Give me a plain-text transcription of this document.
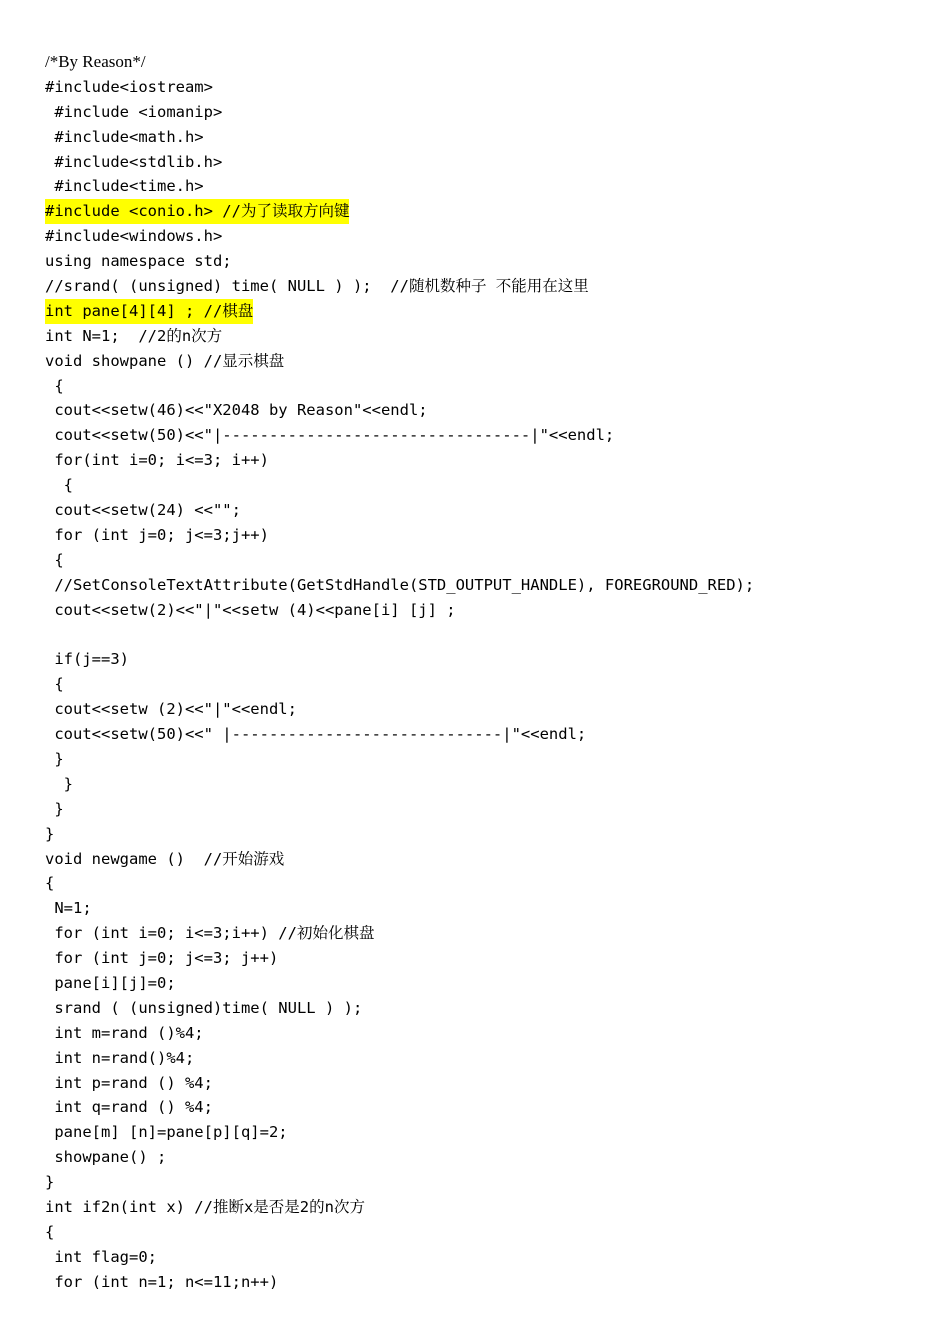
/*By Reason*/
#include<iostream>
#include <iomanip>
#include<math.h>
#include<stdlib.h>
#include<time.h>
#include <conio.h> //为了读取方向键
#include<windows.h>
using namespace std;
//srand( (unsigned) time( NULL ) );  //随机数种子 不能用在这里
int pane[4][4] ; //棋盘
int N=1;  //2的n次方
void showpane () //显示棋盘
{
cout<<setw(46)<<"X2048 by Reason"<<endl;
cout<<setw(50)<<"|---------------------------------|"<<endl;
for(int i=0; i<=3; i++)
{
cout<<setw(24) <<"";
for (int j=0; j<=3;j++)
{
//SetConsoleTextAttribute(GetStdHandle(STD_OUTPUT_HANDLE), FOREGROUND_RED);
cout<<setw(2)<<"|"<<setw (4)<<pane[i] [j] ;
if(j==3)
{
cout<<setw (2)<<"|"<<endl;
cout<<setw(50)<<" |-----------------------------|"<<endl;
}
}
}
}
void newgame ()  //开始游戏
{
N=1;
for (int i=0; i<=3;i++) //初始化棋盘
for (int j=0; j<=3; j++)
pane[i][j]=0;
srand ( (unsigned)time( NULL ) );
int m=rand ()%4;
int n=rand()%4;
int p=rand () %4;
int q=rand () %4;
pane[m] [n]=pane[p][q]=2;
showpane() ;
}
int if2n(int x) //推断x是否是2的n次方
{
int flag=0;
for (int n=1; n<=11;n++)
